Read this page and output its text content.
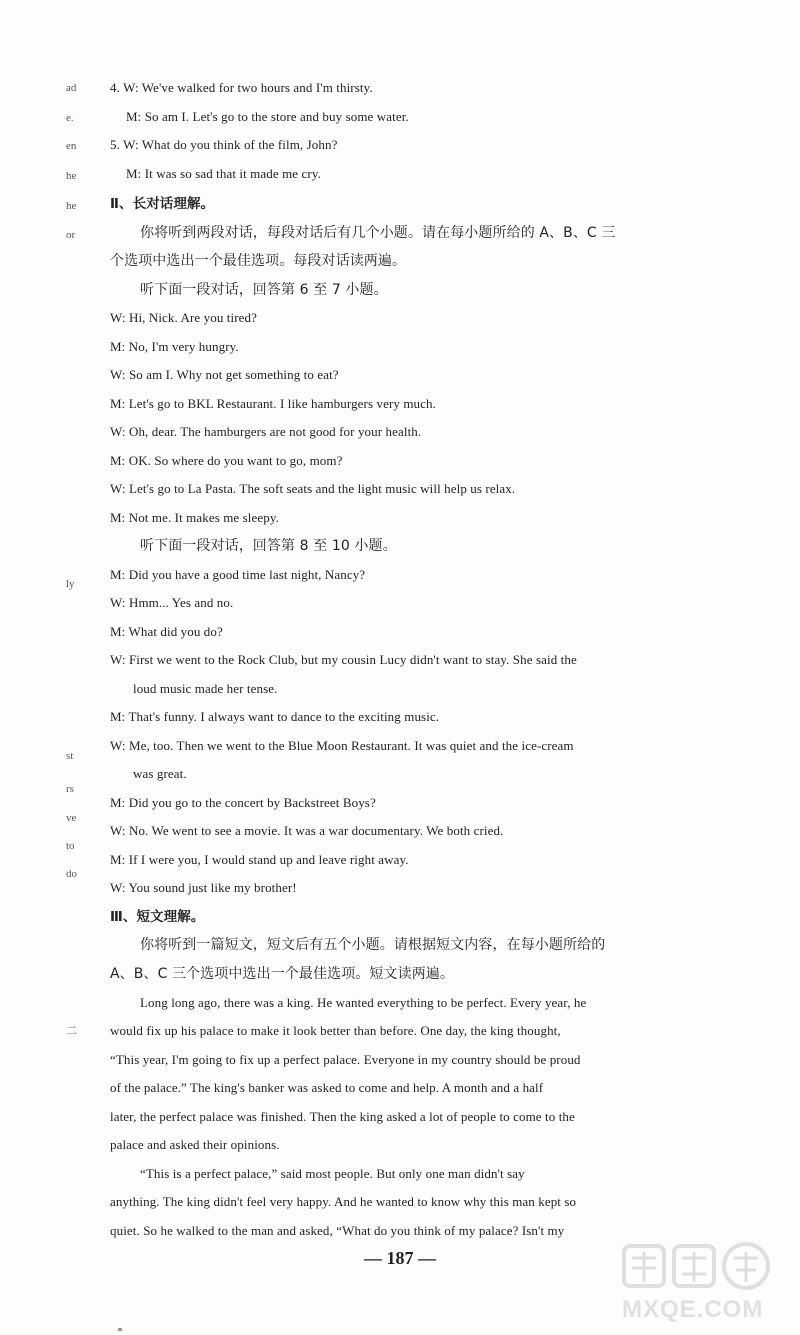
ad
e.
en
he
he
or
ly
st
rs
ve
to
do
二
4. W: We've walked for two hours and I'm thirsty.
M: So am I. Let's go to the store and buy some water.
5. W: What do you think of the film, John?
M: It was so sad that it made me cry.
Ⅱ、长对话理解。
你将听到两段对话，每段对话后有几个小题。请在每小题所给的 A、B、C 三
个选项中选出一个最佳选项。每段对话读两遍。
听下面一段对话，回答第 6 至 7 小题。
W: Hi, Nick. Are you tired?
M: No, I'm very hungry.
W: So am I. Why not get something to eat?
M: Let's go to BKL Restaurant. I like hamburgers very much.
W: Oh, dear. The hamburgers are not good for your health.
M: OK. So where do you want to go, mom?
W: Let's go to La Pasta. The soft seats and the light music will help us relax.
M: Not me. It makes me sleepy.
听下面一段对话，回答第 8 至 10 小题。
M: Did you have a good time last night, Nancy?
W: Hmm... Yes and no.
M: What did you do?
W: First we went to the Rock Club, but my cousin Lucy didn't want to stay. She said the
loud music made her tense.
M: That's funny. I always want to dance to the exciting music.
W: Me, too. Then we went to the Blue Moon Restaurant. It was quiet and the ice-cream
was great.
M: Did you go to the concert by Backstreet Boys?
W: No. We went to see a movie. It was a war documentary. We both cried.
M: If I were you, I would stand up and leave right away.
W: You sound just like my brother!
Ⅲ、短文理解。
你将听到一篇短文，短文后有五个小题。请根据短文内容，在每小题所给的
A、B、C 三个选项中选出一个最佳选项。短文读两遍。
Long long ago, there was a king. He wanted everything to be perfect. Every year, he
would fix up his palace to make it look better than before. One day, the king thought,
“This year, I'm going to fix up a perfect palace. Everyone in my country should be proud
of the palace.” The king's banker was asked to come and help. A month and a half
later, the perfect palace was finished. Then the king asked a lot of people to come to the
palace and asked their opinions.
“This is a perfect palace,” said most people. But only one man didn't say
anything. The king didn't feel very happy. And he wanted to know why this man kept so
quiet. So he walked to the man and asked, “What do you think of my palace? Isn't my
— 187 —
MXQE.COM
